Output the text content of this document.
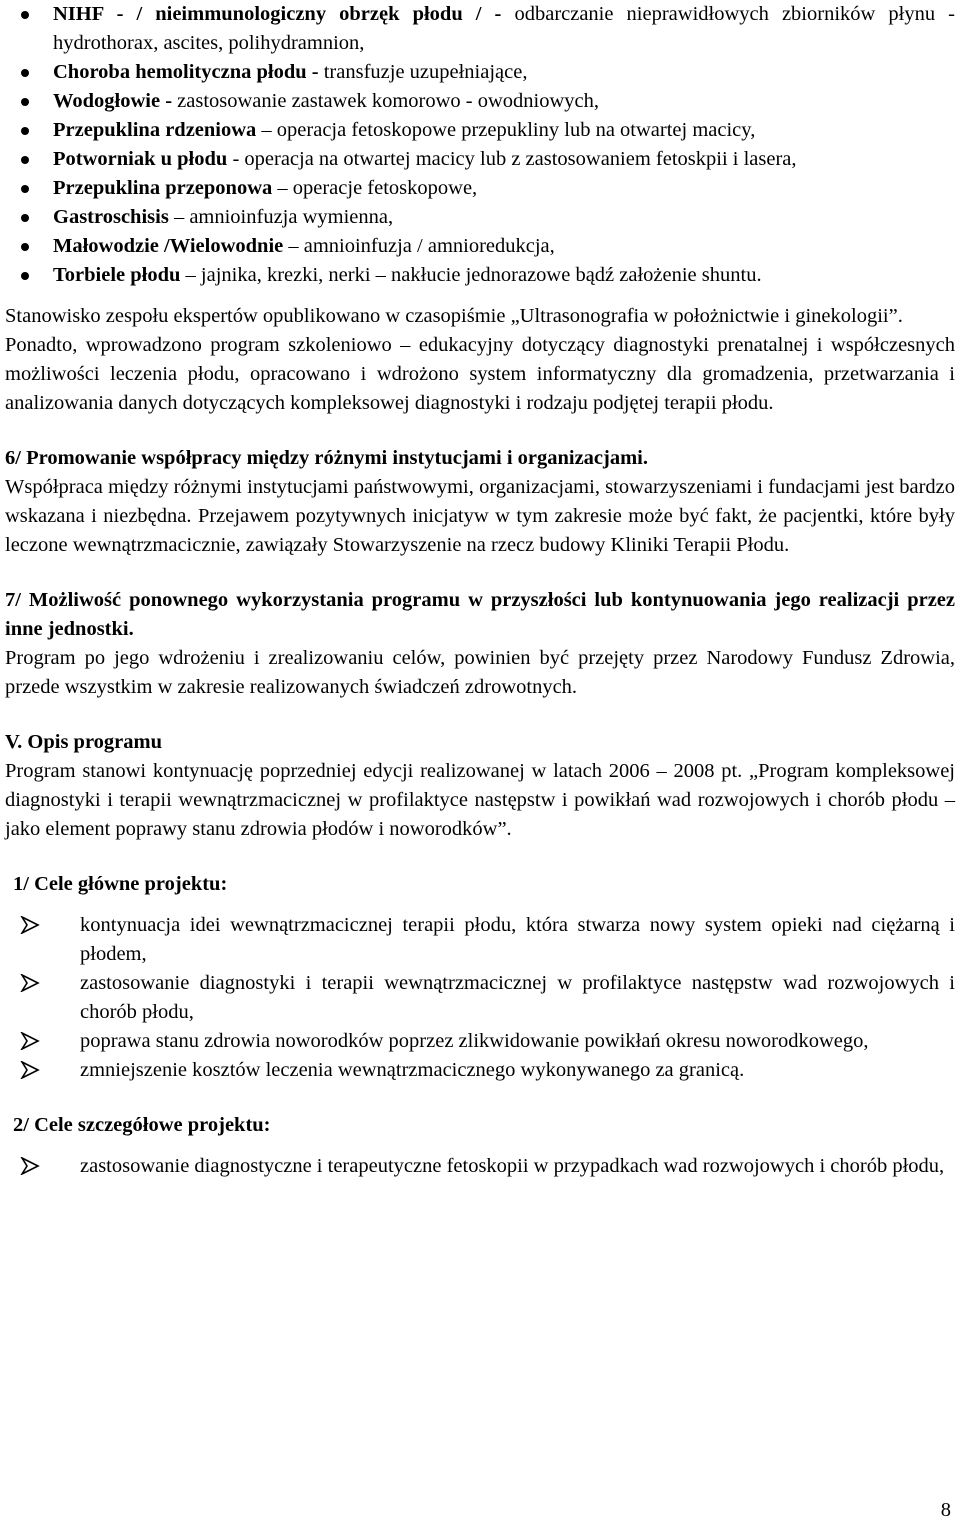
NIHF - / nieimmunologiczny obrzęk płodu / - odbarczanie nieprawidłowych zbiorników płynu - hydrothorax, ascites, polihydramnion,
Choroba hemolityczna płodu - transfuzje uzupełniające,
Wodogłowie - zastosowanie zastawek komorowo - owodniowych,
Przepuklina rdzeniowa – operacja fetoskopowe przepukliny lub na otwartej macicy,
Potworniak u płodu - operacja na otwartej macicy lub z zastosowaniem fetoskpii i lasera,
Przepuklina przeponowa – operacje fetoskopowe,
Gastroschisis – amnioinfuzja wymienna,
Małowodzie /Wielowodnie – amnioinfuzja / amnioredukcja,
Torbiele płodu – jajnika, krezki, nerki – nakłucie jednorazowe bądź założenie shuntu.

Stanowisko zespołu ekspertów opublikowano w czasopiśmie „Ultrasonografia w położnictwie i ginekologii”.

Ponadto, wprowadzono program szkoleniowo – edukacyjny dotyczący diagnostyki prenatalnej i współczesnych możliwości leczenia płodu, opracowano i wdrożono system informatyczny dla gromadzenia, przetwarzania i analizowania danych dotyczących kompleksowej diagnostyki i rodzaju podjętej terapii płodu.

6/ Promowanie współpracy między różnymi instytucjami i organizacjami.

Współpraca między różnymi instytucjami państwowymi, organizacjami, stowarzyszeniami i fundacjami jest bardzo wskazana i niezbędna. Przejawem pozytywnych inicjatyw w tym zakresie może być fakt, że pacjentki, które były leczone wewnątrzmacicznie, zawiązały Stowarzyszenie na rzecz budowy Kliniki Terapii Płodu.

7/ Możliwość ponownego wykorzystania programu w przyszłości lub kontynuowania jego realizacji przez inne jednostki.

Program po jego wdrożeniu i zrealizowaniu celów, powinien być przejęty przez Narodowy Fundusz Zdrowia, przede wszystkim w zakresie realizowanych świadczeń zdrowotnych.

V. Opis programu

Program stanowi kontynuację poprzedniej edycji realizowanej w latach 2006 – 2008 pt. „Program kompleksowej diagnostyki i terapii wewnątrzmacicznej w profilaktyce następstw i powikłań wad rozwojowych i chorób płodu – jako element poprawy stanu zdrowia płodów i noworodków”.

1/ Cele główne projektu:

kontynuacja idei wewnątrzmacicznej terapii płodu, która stwarza nowy system opieki nad ciężarną i płodem,
zastosowanie diagnostyki i terapii wewnątrzmacicznej w profilaktyce następstw wad rozwojowych i chorób płodu,
poprawa stanu zdrowia noworodków poprzez zlikwidowanie powikłań okresu noworodkowego,
zmniejszenie kosztów leczenia wewnątrzmacicznego wykonywanego za granicą.

2/ Cele szczegółowe projektu:

zastosowanie diagnostyczne i terapeutyczne fetoskopii w przypadkach wad rozwojowych i chorób płodu,
8
